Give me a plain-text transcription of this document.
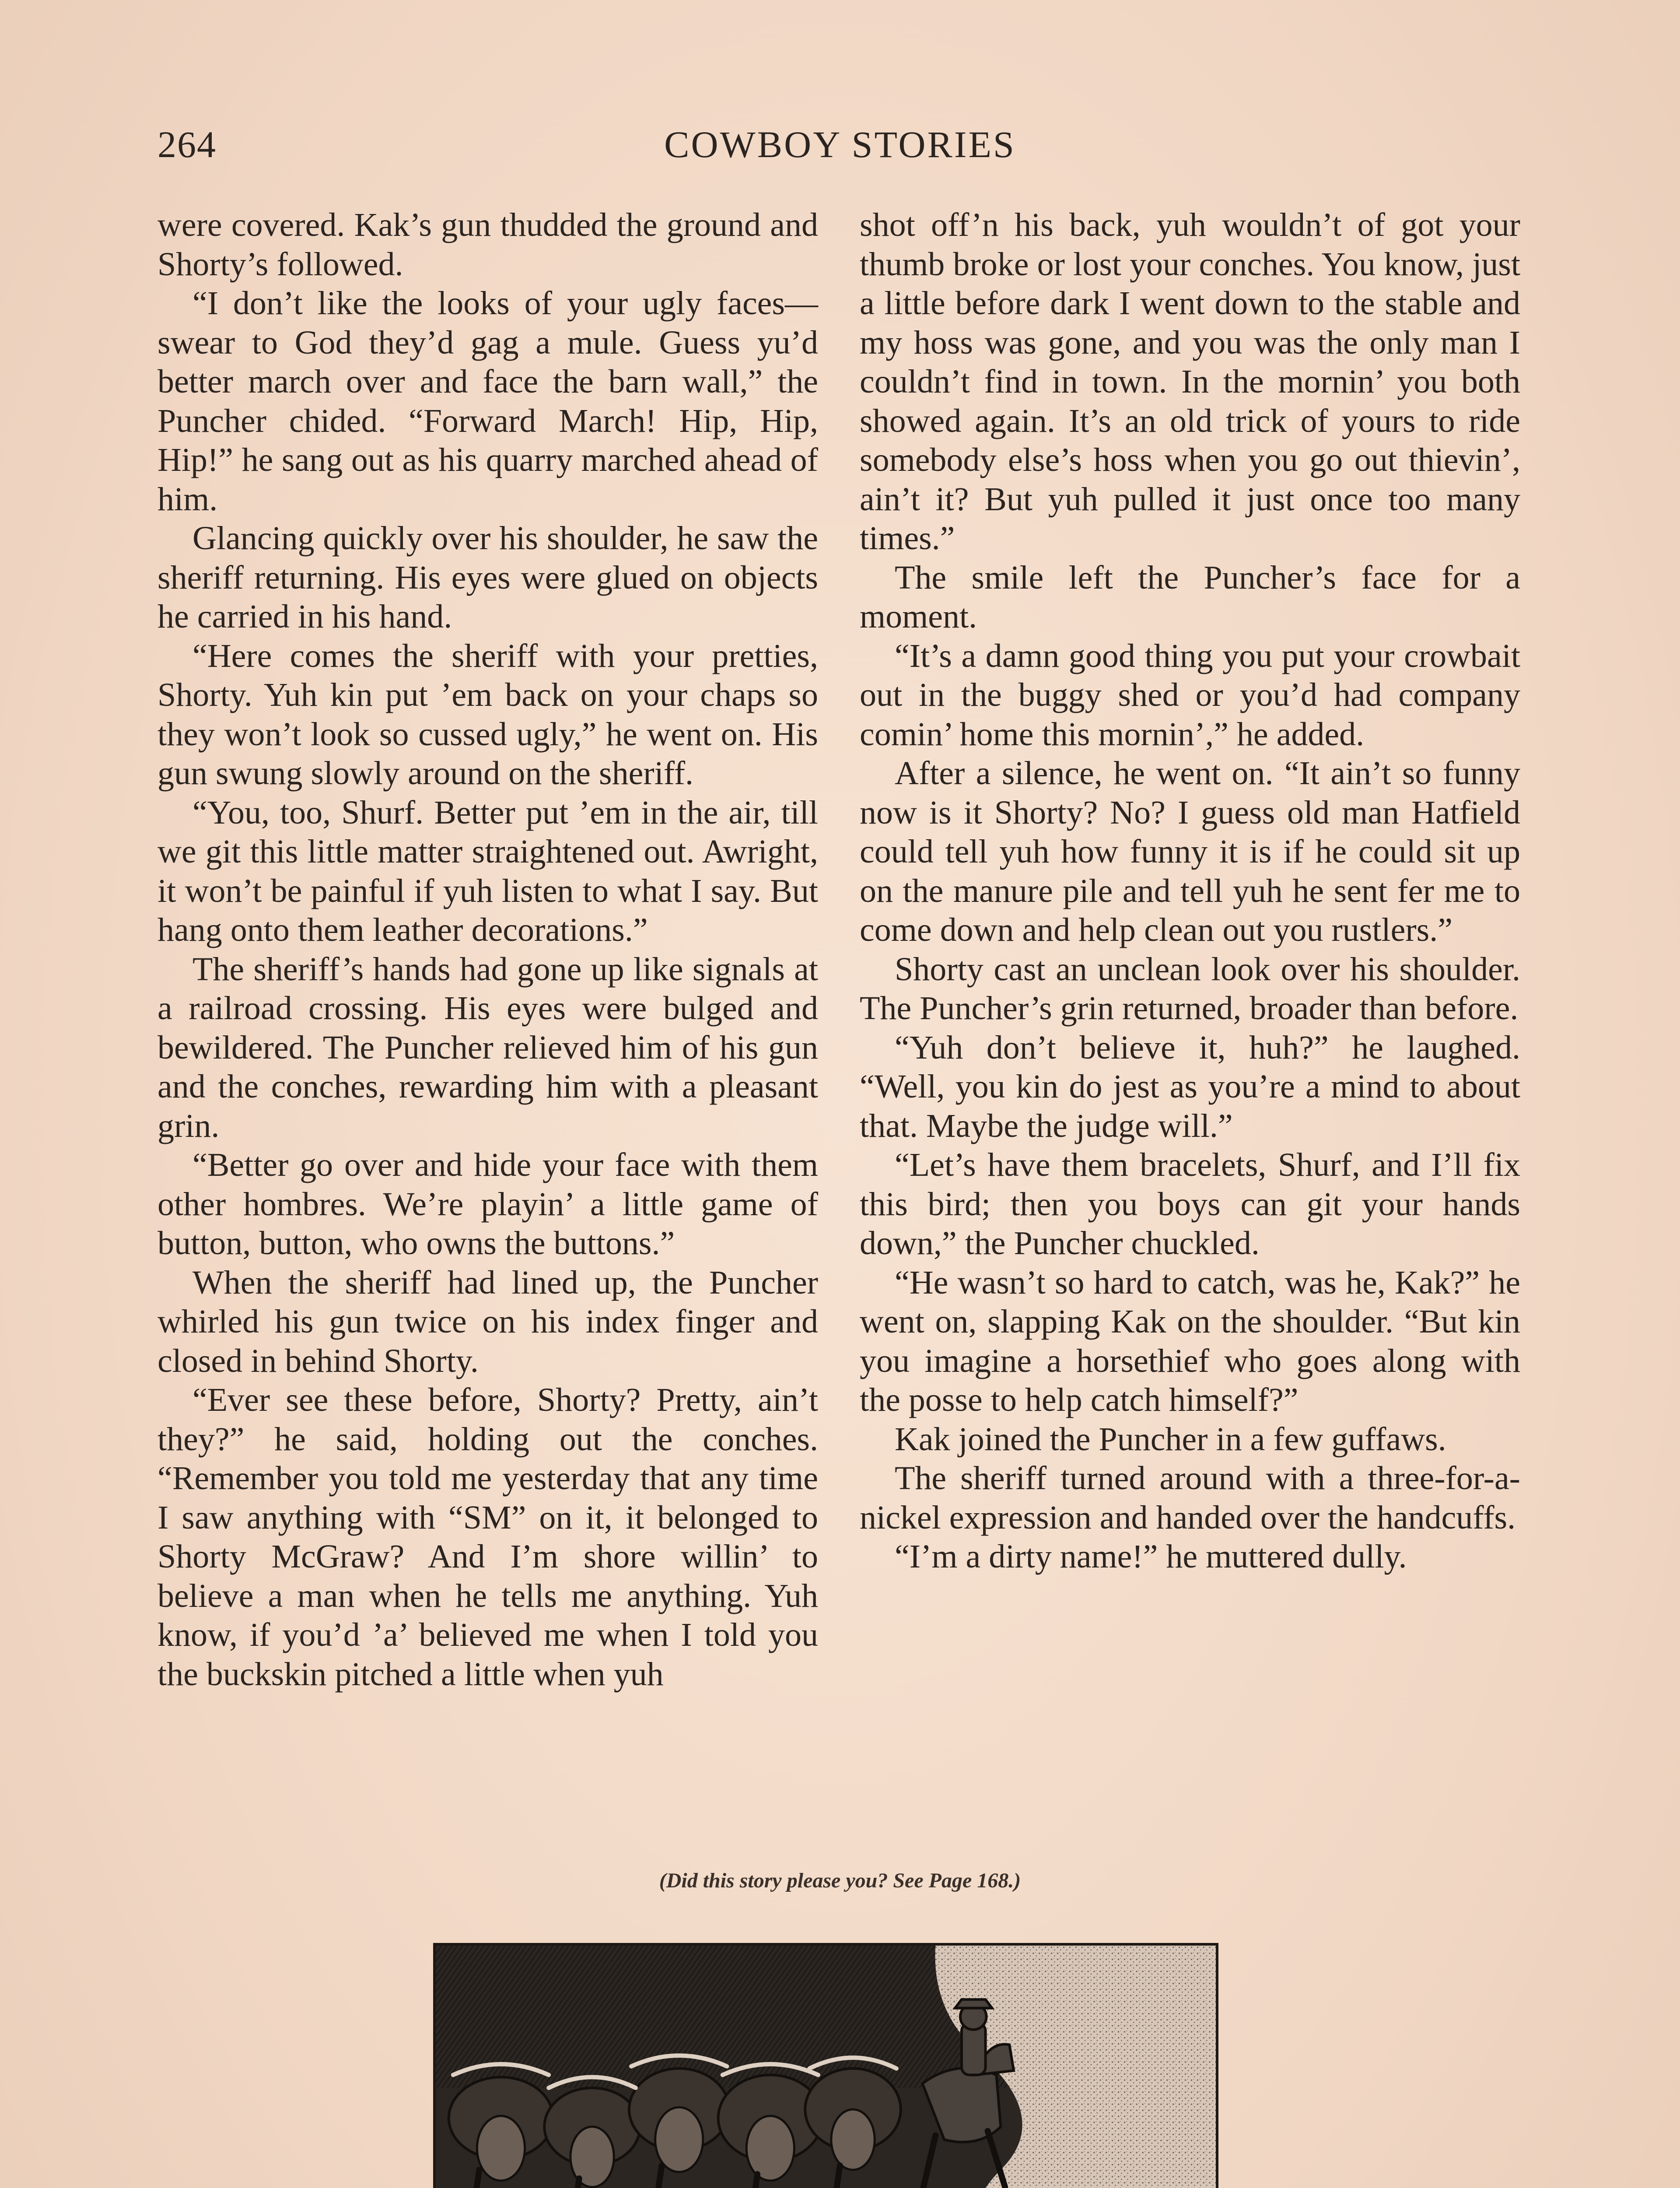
264	COWBOY STORIES

were covered. Kak’s gun thudded the ground and Shorty’s followed.

“I don’t like the looks of your ugly faces—swear to God they’d gag a mule. Guess yu’d better march over and face the barn wall,” the Puncher chided. “Forward March! Hip, Hip, Hip!” he sang out as his quarry marched ahead of him.

Glancing quickly over his shoulder, he saw the sheriff returning. His eyes were glued on objects he carried in his hand.

“Here comes the sheriff with your pretties, Shorty. Yuh kin put ’em back on your chaps so they won’t look so cussed ugly,” he went on. His gun swung slowly around on the sheriff.

“You, too, Shurf. Better put ’em in the air, till we git this little matter straightened out. Awright, it won’t be painful if yuh listen to what I say. But hang onto them leather decorations.”

The sheriff’s hands had gone up like signals at a railroad crossing. His eyes were bulged and bewildered. The Puncher relieved him of his gun and the conches, rewarding him with a pleasant grin.

“Better go over and hide your face with them other hombres. We’re playin’ a little game of button, button, who owns the buttons.”

When the sheriff had lined up, the Puncher whirled his gun twice on his index finger and closed in behind Shorty.

“Ever see these before, Shorty? Pretty, ain’t they?” he said, holding out the conches. “Remember you told me yesterday that any time I saw anything with “SM” on it, it belonged to Shorty McGraw? And I’m shore willin’ to believe a man when he tells me anything. Yuh know, if you’d ’a’ believed me when I told you the buckskin pitched a little when yuh

shot off’n his back, yuh wouldn’t of got your thumb broke or lost your conches. You know, just a little before dark I went down to the stable and my hoss was gone, and you was the only man I couldn’t find in town. In the mornin’ you both showed again. It’s an old trick of yours to ride somebody else’s hoss when you go out thievin’, ain’t it? But yuh pulled it just once too many times.”

The smile left the Puncher’s face for a moment.

“It’s a damn good thing you put your crowbait out in the buggy shed or you’d had company comin’ home this mornin’,” he added.

After a silence, he went on. “It ain’t so funny now is it Shorty? No? I guess old man Hatfield could tell yuh how funny it is if he could sit up on the manure pile and tell yuh he sent fer me to come down and help clean out you rustlers.”

Shorty cast an unclean look over his shoulder. The Puncher’s grin returned, broader than before.

“Yuh don’t believe it, huh?” he laughed. “Well, you kin do jest as you’re a mind to about that. Maybe the judge will.”

“Let’s have them bracelets, Shurf, and I’ll fix this bird; then you boys can git your hands down,” the Puncher chuckled.

“He wasn’t so hard to catch, was he, Kak?” he went on, slapping Kak on the shoulder. “But kin you imagine a horsethief who goes along with the posse to help catch himself?”

Kak joined the Puncher in a few guffaws.

The sheriff turned around with a three-for-a-nickel expression and handed over the handcuffs.

“I’m a dirty name!” he muttered dully.

(Did this story please you? See Page 168.)
